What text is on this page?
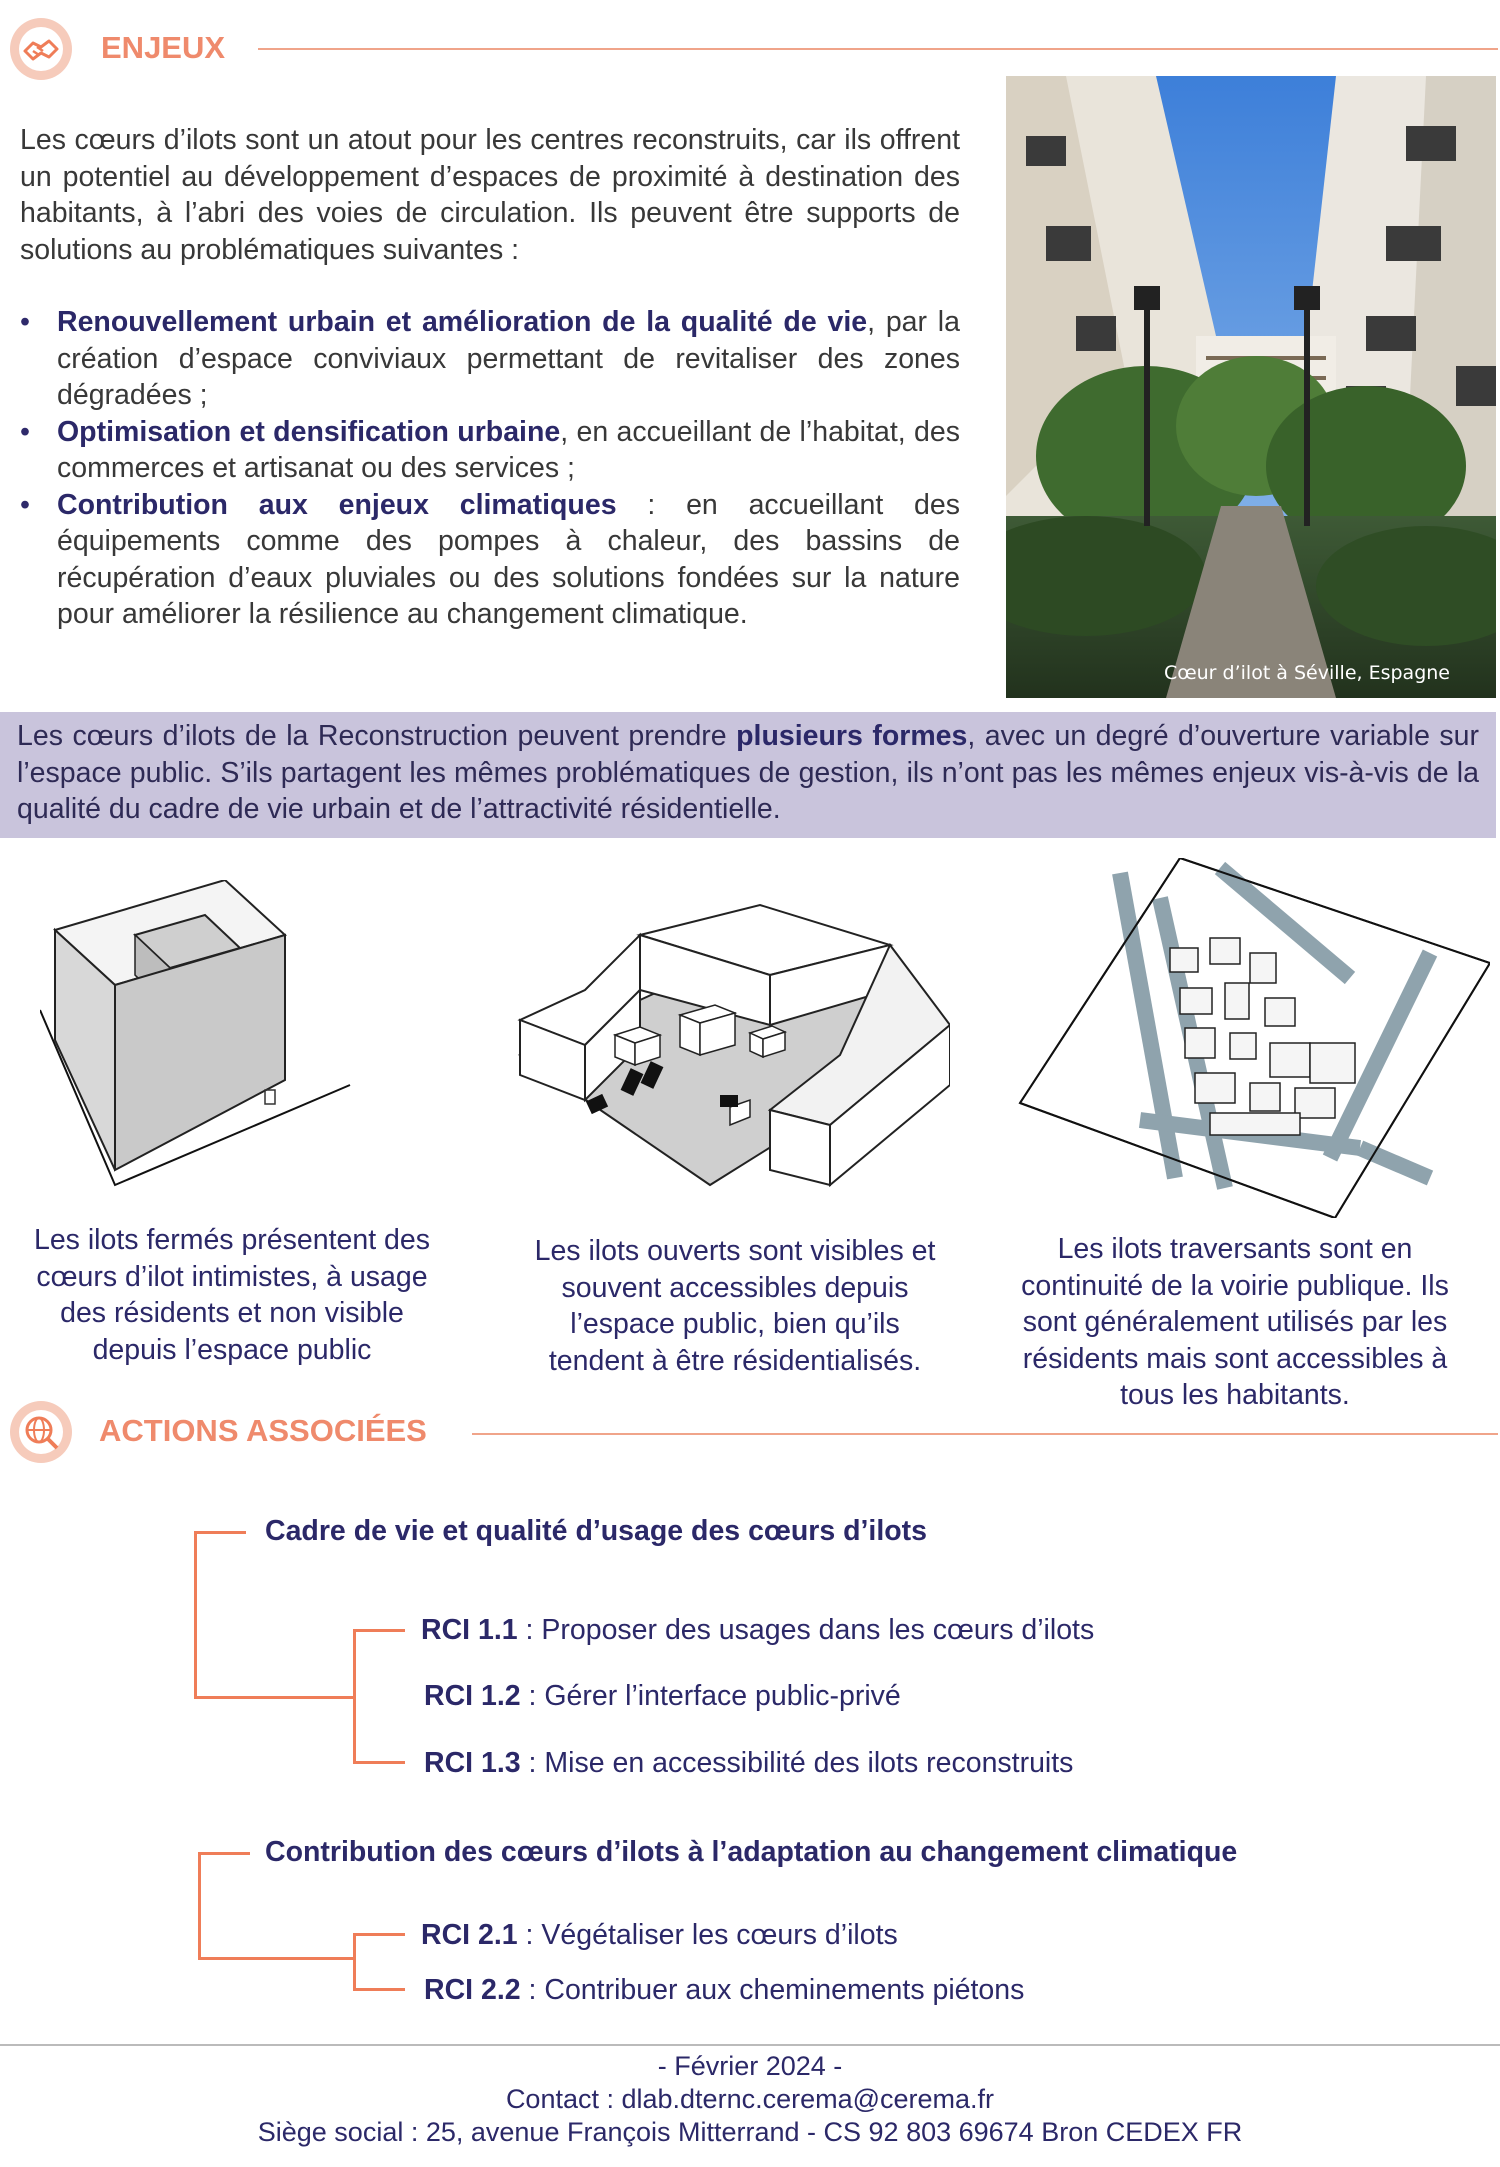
ENJEUX
Les cœurs d’ilots sont un atout pour les centres reconstruits, car ils offrent un potentiel au développement d’espaces de proximité à destination des habitants, à l’abri des voies de circulation. Ils peuvent être supports de solutions au problématiques suivantes :
• Renouvellement urbain et amélioration de la qualité de vie, par la création d’espace conviviaux permettant de revitaliser des zones dégradées ;
• Optimisation et densification urbaine, en accueillant de l’habitat, des commerces et artisanat ou des services ;
• Contribution aux enjeux climatiques : en accueillant des équipements comme des pompes à chaleur, des bassins de récupération d’eaux pluviales ou des solutions fondées sur la nature pour améliorer la résilience au changement climatique.
Cœur d’ilot à Séville, Espagne
Les cœurs d’ilots de la Reconstruction peuvent prendre plusieurs formes, avec un degré d’ouverture variable sur l’espace public. S’ils partagent les mêmes problématiques de gestion, ils n’ont pas les mêmes enjeux vis-à-vis de la qualité du cadre de vie urbain et de l’attractivité résidentielle.
Les ilots fermés présentent des cœurs d’ilot intimistes, à usage des résidents et non visible depuis l’espace public
Les ilots ouverts sont visibles et souvent accessibles depuis l’espace public, bien qu’ils tendent à être résidentialisés.
Les ilots traversants sont en continuité de la voirie publique. Ils sont généralement utilisés par les résidents mais sont accessibles à tous les habitants.
ACTIONS ASSOCIÉES
Cadre de vie et qualité d’usage des cœurs d’ilots
RCI 1.1 : Proposer des usages dans les cœurs d’ilots
RCI 1.2 : Gérer l’interface public-privé
RCI 1.3 : Mise en accessibilité des ilots reconstruits
Contribution des cœurs d’ilots à l’adaptation au changement climatique
RCI 2.1 : Végétaliser les cœurs d’ilots
RCI 2.2 : Contribuer aux cheminements piétons
- Février 2024 -
Contact : dlab.dternc.cerema@cerema.fr
Siège social : 25, avenue François Mitterrand - CS 92 803 69674 Bron CEDEX FR
